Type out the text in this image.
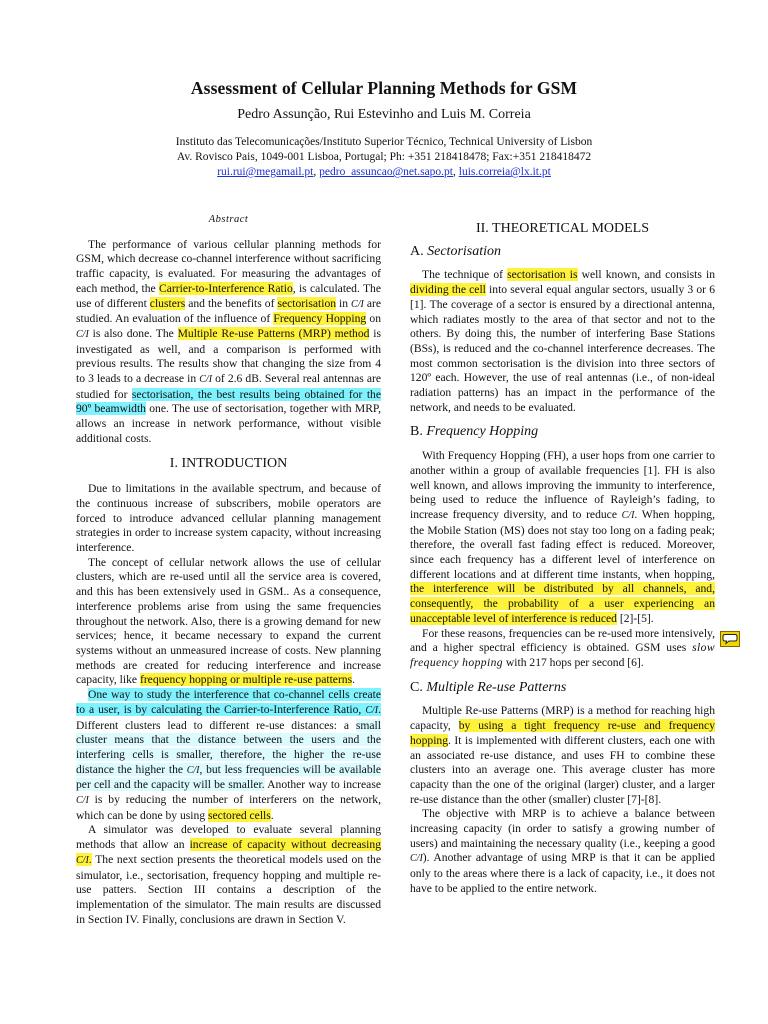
Assessment of Cellular Planning Methods for GSM
Pedro Assunção, Rui Estevinho and Luis M. Correia
Instituto das Telecomunicações/Instituto Superior Técnico, Technical University of Lisbon
Av. Rovisco Pais, 1049-001 Lisboa, Portugal; Ph: +351 218418478; Fax:+351 218418472
rui.rui@megamail.pt, pedro_assuncao@net.sapo.pt, luis.correia@lx.it.pt
Abstract

The performance of various cellular planning methods for GSM, which decrease co-channel interference without sacrificing traffic capacity, is evaluated. For measuring the advantages of each method, the Carrier-to-Interference Ratio, is calculated. The use of different clusters and the benefits of sectorisation in C/I are studied. An evaluation of the influence of Frequency Hopping on C/I is also done. The Multiple Re-use Patterns (MRP) method is investigated as well, and a comparison is performed with previous results. The results show that changing the size from 4 to 3 leads to a decrease in C/I of 2.6 dB. Several real antennas are studied for sectorisation, the best results being obtained for the 90º beamwidth one. The use of sectorisation, together with MRP, allows an increase in network performance, without visible additional costs.

I. INTRODUCTION

Due to limitations in the available spectrum, and because of the continuous increase of subscribers, mobile operators are forced to introduce advanced cellular planning management strategies in order to increase system capacity, without increasing interference.

The concept of cellular network allows the use of cellular clusters, which are re-used until all the service area is covered, and this has been extensively used in GSM.. As a consequence, interference problems arise from using the same frequencies throughout the network. Also, there is a growing demand for new services; hence, it became necessary to expand the current systems without an unmeasured increase of costs. New planning methods are created for reducing interference and increase capacity, like frequency hopping or multiple re-use patterns.

One way to study the interference that co-channel cells create to a user, is by calculating the Carrier-to-Interference Ratio, C/I. Different clusters lead to different re-use distances: a small cluster means that the distance between the users and the interfering cells is smaller, therefore, the higher the re-use distance the higher the C/I, but less frequencies will be available per cell and the capacity will be smaller. Another way to increase C/I is by reducing the number of interferers on the network, which can be done by using sectored cells.

A simulator was developed to evaluate several planning methods that allow an increase of capacity without decreasing C/I. The next section presents the theoretical models used on the simulator, i.e., sectorisation, frequency hopping and multiple re-use patters. Section III contains a description of the implementation of the simulator. The main results are discussed in Section IV. Finally, conclusions are drawn in Section V.

II. THEORETICAL MODELS
A. Sectorisation

The technique of sectorisation is well known, and consists in dividing the cell into several equal angular sectors, usually 3 or 6 [1]. The coverage of a sector is ensured by a directional antenna, which radiates mostly to the area of that sector and not to the others. By doing this, the number of interfering Base Stations (BSs), is reduced and the co-channel interference decreases. The most common sectorisation is the division into three sectors of 120º each. However, the use of real antennas (i.e., of non-ideal radiation patterns) has an impact in the performance of the network, and needs to be evaluated.

B. Frequency Hopping

With Frequency Hopping (FH), a user hops from one carrier to another within a group of available frequencies [1]. FH is also well known, and allows improving the immunity to interference, being used to reduce the influence of Rayleigh’s fading, to increase frequency diversity, and to reduce C/I. When hopping, the Mobile Station (MS) does not stay too long on a fading peak; therefore, the overall fast fading effect is reduced. Moreover, since each frequency has a different level of interference on different locations and at different time instants, when hopping, the interference will be distributed by all channels, and, consequently, the probability of a user experiencing an unacceptable level of interference is reduced [2]-[5].

For these reasons, frequencies can be re-used more intensively, and a higher spectral efficiency is obtained. GSM uses slow frequency hopping with 217 hops per second [6].

C. Multiple Re-use Patterns

Multiple Re-use Patterns (MRP) is a method for reaching high capacity, by using a tight frequency re-use and frequency hopping. It is implemented with different clusters, each one with an associated re-use distance, and uses FH to combine these clusters into an average one. This average cluster has more capacity than the one of the original (larger) cluster, and a larger re-use distance than the other (smaller) cluster [7]-[8].

The objective with MRP is to achieve a balance between increasing capacity (in order to satisfy a growing number of users) and maintaining the necessary quality (i.e., keeping a good C/I). Another advantage of using MRP is that it can be applied only to the areas where there is a lack of capacity, i.e., it does not have to be applied to the entire network.
